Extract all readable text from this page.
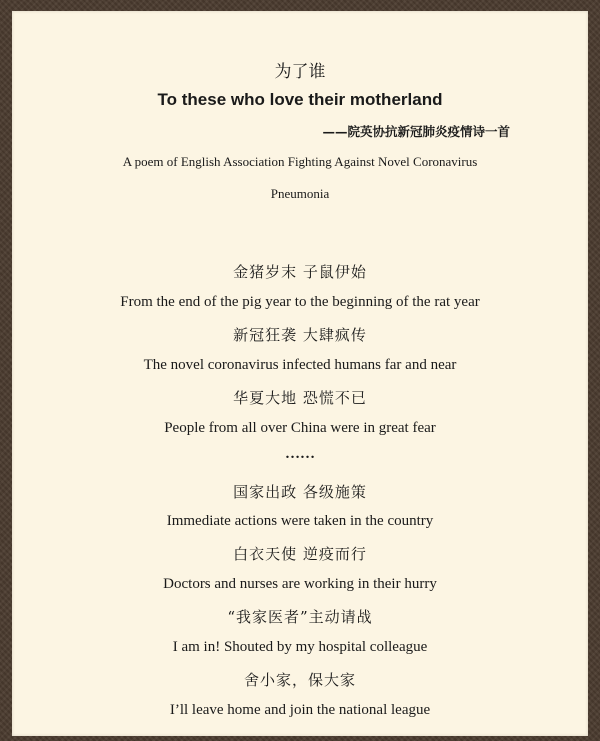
为了谁
To these who love their motherland
——院英协抗新冠肺炎疫情诗一首
A poem of English Association Fighting Against Novel Coronavirus
Pneumonia
金猪岁末 子鼠伊始
From the end of the pig year to the beginning of the rat year
新冠狂袭 大肆疯传
The novel coronavirus infected humans far and near
华夏大地 恐慌不已
People from all over China were in great fear
……
国家出政 各级施策
Immediate actions were taken in the country
白衣天使 逆疫而行
Doctors and nurses are working in their hurry
“我家医者”主动请战
I am in! Shouted by my hospital colleague
舍小家，保大家
I’ll leave home and join the national league
